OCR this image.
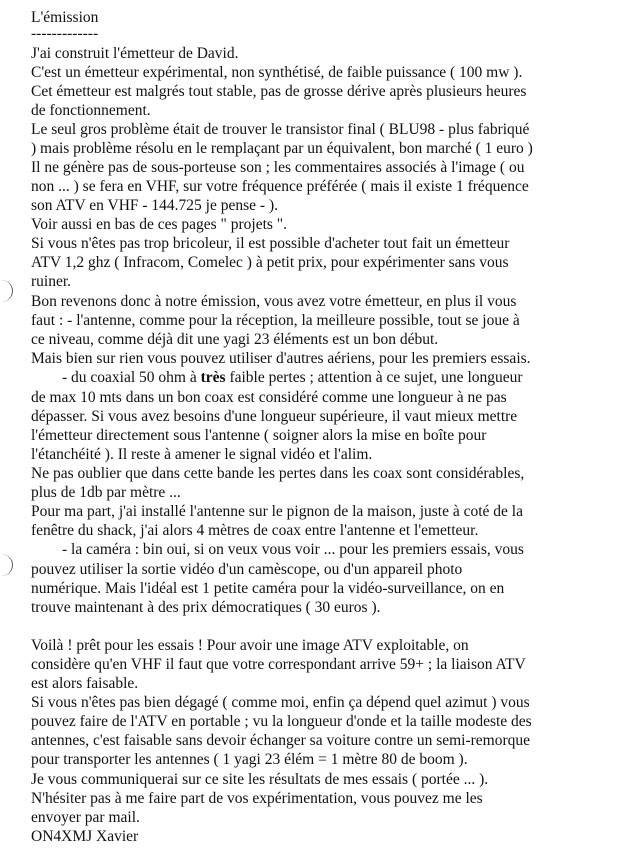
L'émission
-------------
J'ai construit l'émetteur de David.
C'est un émetteur expérimental, non synthétisé, de faible puissance ( 100 mw ).
Cet émetteur est malgrés tout stable, pas de grosse dérive après plusieurs heures
de fonctionnement.
Le seul gros problème était de trouver le transistor final ( BLU98 - plus fabriqué
) mais problème résolu en le remplaçant par un équivalent, bon marché ( 1 euro )
Il ne génère pas de sous-porteuse son ; les commentaires associés à l'image ( ou
non ... ) se fera en VHF, sur votre fréquence préférée ( mais il existe 1 fréquence
son ATV en VHF - 144.725 je pense - ).
Voir aussi en bas de ces pages " projets ".
Si vous n'êtes pas trop bricoleur, il est possible d'acheter tout fait un émetteur
ATV 1,2 ghz ( Infracom, Comelec ) à petit prix, pour expérimenter sans vous
ruiner.
Bon revenons donc à notre émission, vous avez votre émetteur, en plus il vous
faut : - l'antenne, comme pour la réception, la meilleure possible, tout se joue à
ce niveau, comme déjà dit une yagi 23 éléments est un bon début.
Mais bien sur rien vous pouvez utiliser d'autres aériens, pour les premiers essais.
- du coaxial 50 ohm à très faible pertes ; attention à ce sujet, une longueur
de max 10 mts dans un bon coax est considéré comme une longueur à ne pas
dépasser. Si vous avez besoins d'une longueur supérieure, il vaut mieux mettre
l'émetteur directement sous l'antenne ( soigner alors la mise en boîte pour
l'étanchéité ). Il reste à amener le signal vidéo et l'alim.
Ne pas oublier que dans cette bande les pertes dans les coax sont considérables,
plus de 1db par mètre ...
Pour ma part, j'ai installé l'antenne sur le pignon de la maison, juste à coté de la
fenêtre du shack, j'ai alors 4 mètres de coax entre l'antenne et l'emetteur.
- la caméra : bin oui, si on veux vous voir ... pour les premiers essais, vous
pouvez utiliser la sortie vidéo d'un camèscope, ou d'un appareil photo
numérique. Mais l'idéal est 1 petite caméra pour la vidéo-surveillance, on en
trouve maintenant à des prix démocratiques ( 30 euros ).
Voilà ! prêt pour les essais ! Pour avoir une image ATV exploitable, on
considère qu'en VHF il faut que votre correspondant arrive 59+ ; la liaison ATV
est alors faisable.
Si vous n'êtes pas bien dégagé ( comme moi, enfin ça dépend quel azimut ) vous
pouvez faire de l'ATV en portable ; vu la longueur d'onde et la taille modeste des
antennes, c'est faisable sans devoir échanger sa voiture contre un semi-remorque
pour transporter les antennes ( 1 yagi 23 élém = 1 mètre 80 de boom ).
Je vous communiquerai sur ce site les résultats de mes essais ( portée ... ).
N'hésiter pas à me faire part de vos expérimentation, vous pouvez me les
envoyer par mail.
ON4XMJ Xavier
